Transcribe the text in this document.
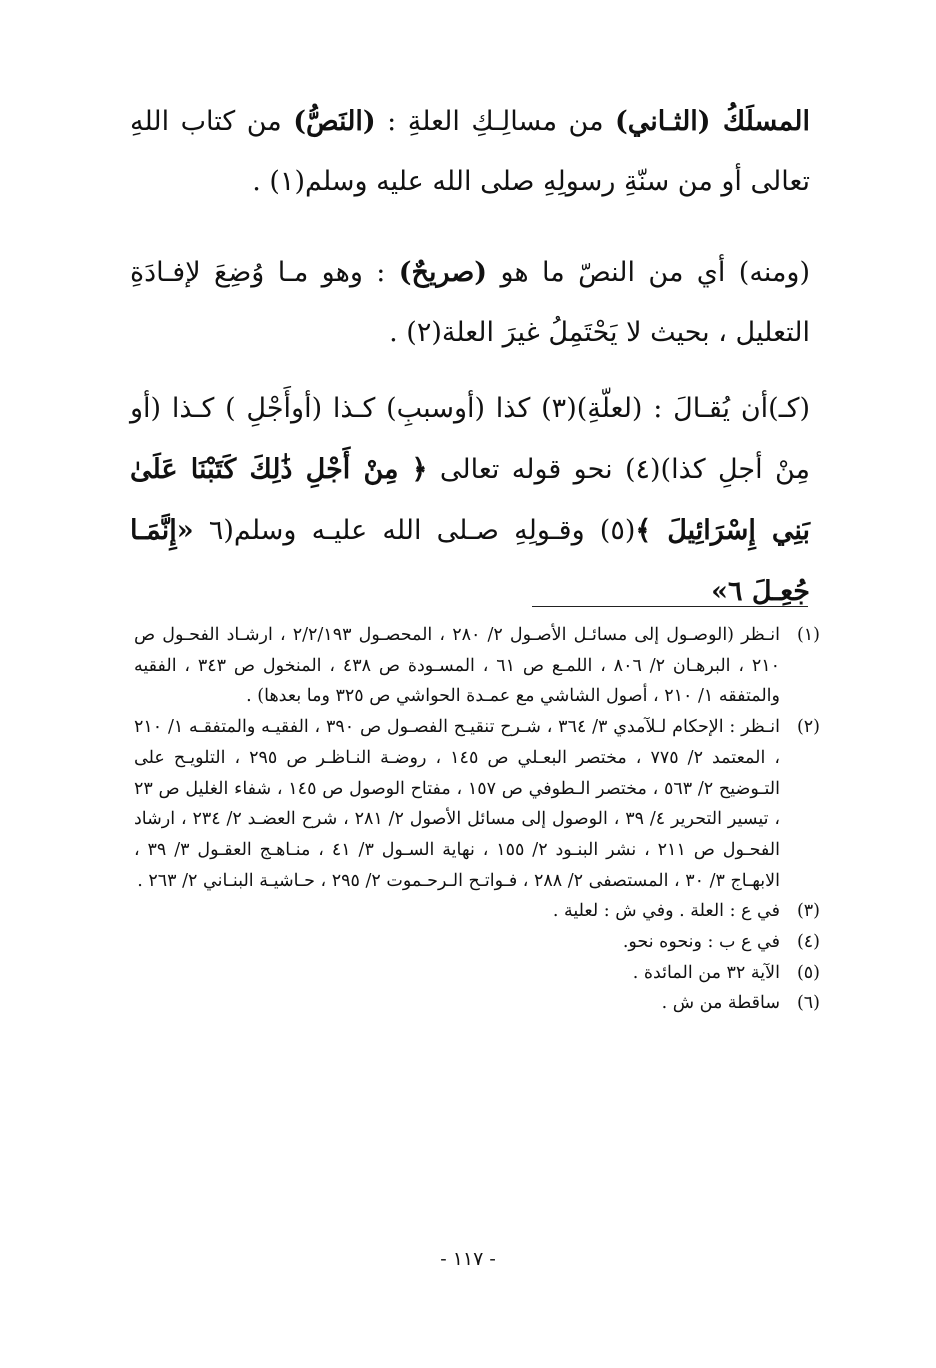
المسلَكُ (الثـاني) من مسالِـكِ العلةِ : (النَصُّ) من كتاب اللهِ تعالى أو من سنّةِ رسولِهِ صلى الله عليه وسلم(١) .
(ومنه) أي من النصّ ما هو (صريحٌ) : وهو مـا وُضِعَ لإفـادَةِ التعليل ، بحيث لا يَحْتَمِلُ غيرَ العلة(٢) .
(كـ)أن يُقـالَ : (لعلّةِ)(٣) كذا (أوسببِ) كـذا (أوأَجْلِ ) كـذا (أو مِنْ أجلِ كذا)(٤) نحو قوله تعالى ﴿ مِنْ أَجْلِ ذَٰلِكَ كَتَبْنَا عَلَىٰ بَنِي إِسْرَائِيلَ ﴾(٥) وقـولِهِ صـلى الله عليـه وسلم(٦ «إِنَّمَـا جُعِـلَ ٦»
(١)
انـظر (الوصـول إلى مسائـل الأصـول ٢/ ٢٨٠ ، المحصـول ٢/٢/١٩٣ ، ارشـاد الفحـول ص ٢١٠ ، البرهـان ٢/ ٨٠٦ ، اللمـع ص ٦١ ، المسـودة ص ٤٣٨ ، المنخول ص ٣٤٣ ، الفقيه والمتفقه ١/ ٢١٠ ، أصول الشاشي مع عمـدة الحواشي ص ٣٢٥ وما بعدها) .
(٢)
انـظر : الإحكام لـلآمدي ٣/ ٣٦٤ ، شـرح تنقيـح الفصـول ص ٣٩٠ ، الفقيـه والمتفقـه ١/ ٢١٠ ، المعتمد ٢/ ٧٧٥ ، مختصر البعـلي ص ١٤٥ ، روضـة النـاظـر ص ٢٩٥ ، التلويـح على التـوضيح ٢/ ٥٦٣ ، مختصر الـطوفي ص ١٥٧ ، مفتاح الوصول ص ١٤٥ ، شفاء الغليل ص ٢٣ ، تيسير التحرير ٤/ ٣٩ ، الوصول إلى مسائل الأصول ٢/ ٢٨١ ، شرح العضـد ٢/ ٢٣٤ ، ارشاد الفحـول ص ٢١١ ، نشر البنـود ٢/ ١٥٥ ، نهاية السـول ٣/ ٤١ ، منـاهـج العقـول ٣/ ٣٩ ، الابهـاج ٣/ ٣٠ ، المستصفى ٢/ ٢٨٨ ، فـواتـح الـرحـموت ٢/ ٢٩٥ ، حـاشيـة البنـاني ٢/ ٢٦٣ .
(٣)
في ع : العلة . وفي ش : لعلية .
(٤)
في ع ب : ونحوه نحو.
(٥)
الآية ٣٢ من المائدة .
(٦)
ساقطة من ش .
- ١١٧ -
